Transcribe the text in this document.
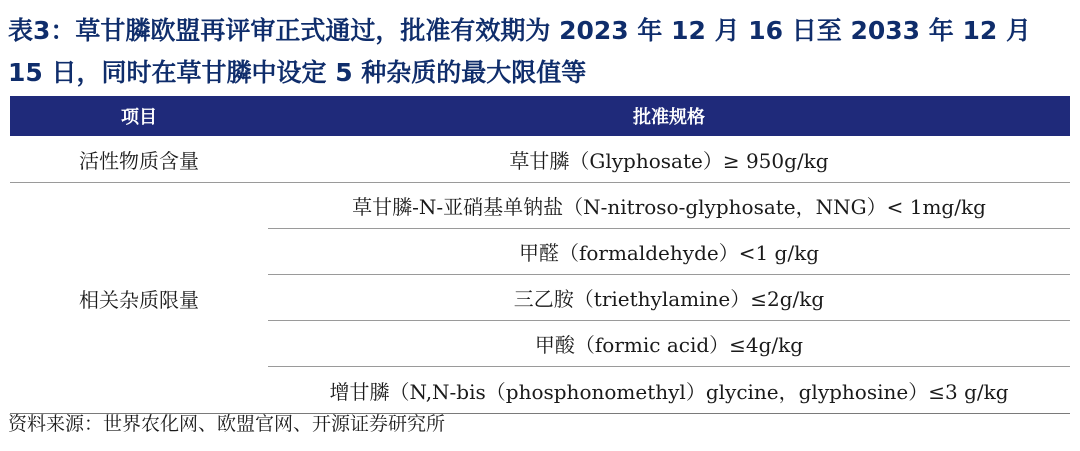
表3：草甘膦欧盟再评审正式通过，批准有效期为 2023 年 12 月 16 日至 2033 年 12 月 15 日，同时在草甘膦中设定 5 种杂质的最大限值等
项目	批准规格
活性物质含量	草甘膦（Glyphosate）≥ 950g/kg
相关杂质限量
草甘膦-N-亚硝基单钠盐（N-nitroso-glyphosate，NNG）< 1mg/kg
甲醛（formaldehyde）<1 g/kg
三乙胺（triethylamine）≤2g/kg
甲酸（formic acid）≤4g/kg
增甘膦（N,N-bis（phosphonomethyl）glycine，glyphosine）≤3 g/kg
资料来源：世界农化网、欧盟官网、开源证券研究所
